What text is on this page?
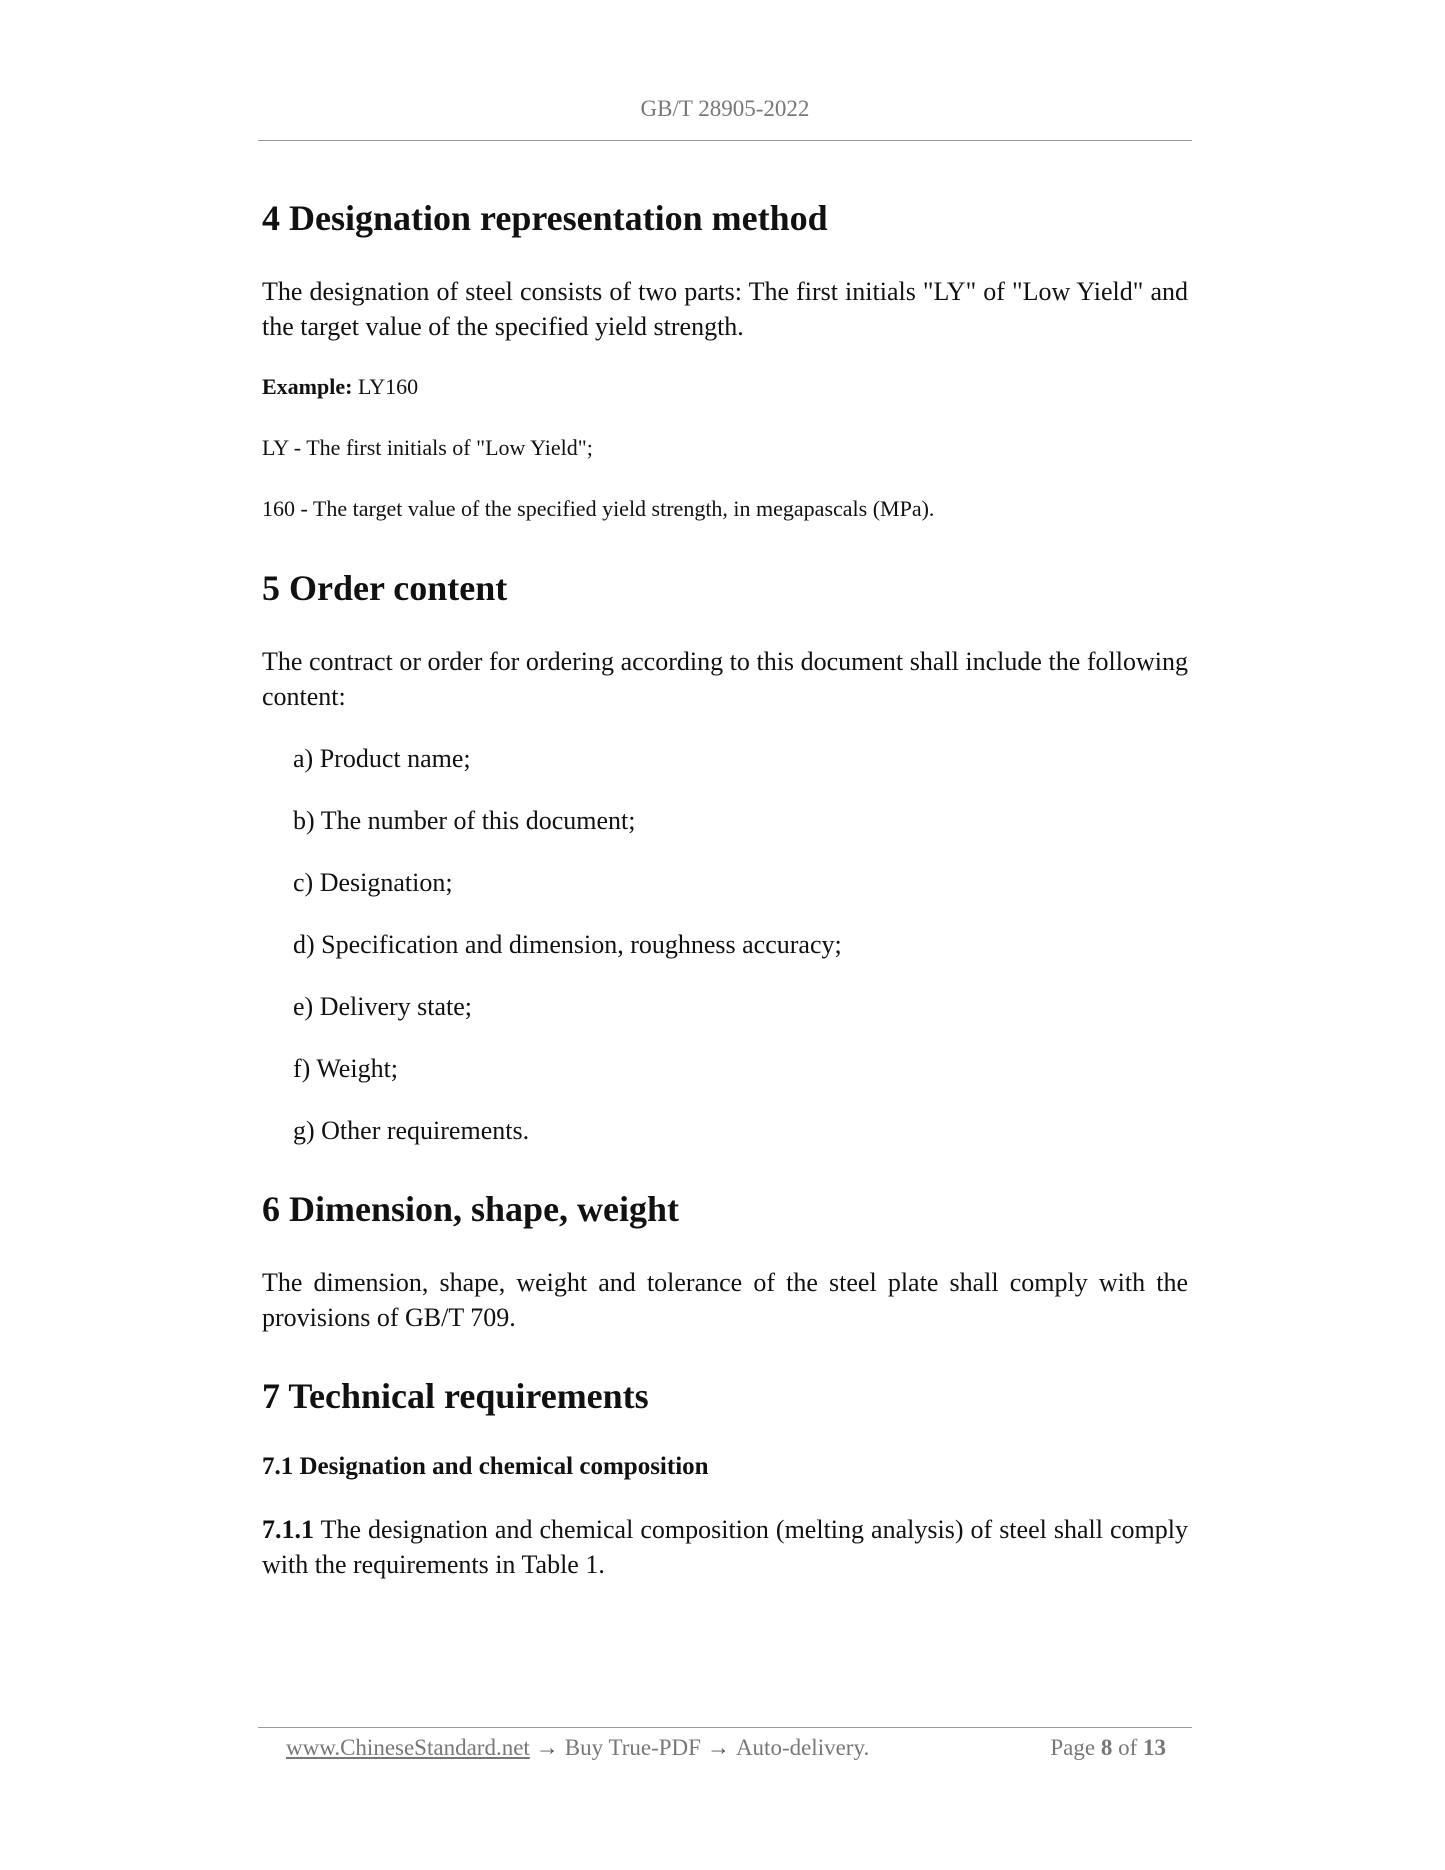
GB/T 28905-2022
4 Designation representation method

The designation of steel consists of two parts: The first initials "LY" of "Low Yield" and the target value of the specified yield strength.

Example: LY160

LY - The first initials of "Low Yield";

160 - The target value of the specified yield strength, in megapascals (MPa).

5 Order content

The contract or order for ordering according to this document shall include the following content:

a) Product name;

b) The number of this document;

c) Designation;

d) Specification and dimension, roughness accuracy;

e) Delivery state;

f) Weight;

g) Other requirements.

6 Dimension, shape, weight

The dimension, shape, weight and tolerance of the steel plate shall comply with the provisions of GB/T 709.

7 Technical requirements
7.1 Designation and chemical composition

7.1.1 The designation and chemical composition (melting analysis) of steel shall comply with the requirements in Table 1.

www.ChineseStandard.net → Buy True-PDF → Auto-delivery.	Page 8 of 13
